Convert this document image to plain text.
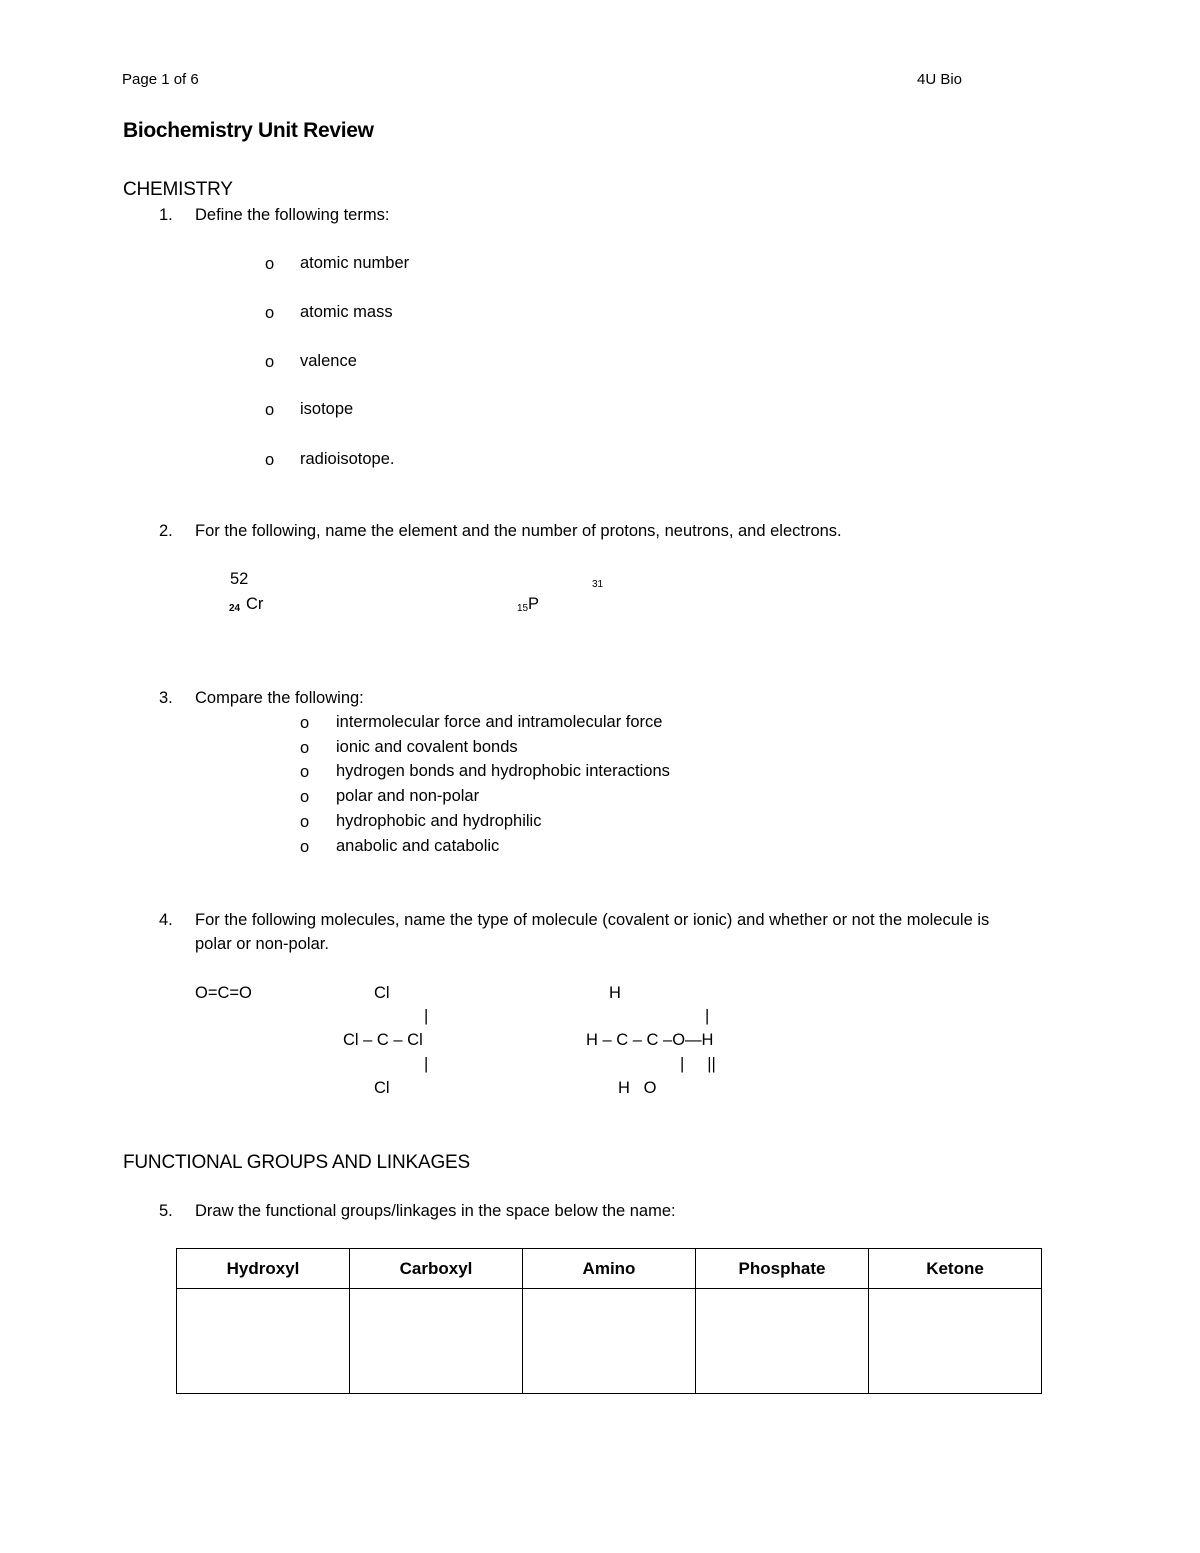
Page 1 of 6	4U Bio
Biochemistry Unit Review
CHEMISTRY
1. Define the following terms:
o atomic number
o atomic mass
o valence
o isotope
o radioisotope.
2. For the following, name the element and the number of protons, neutrons, and electrons.
52
24 Cr
31
15 P
3. Compare the following:
o intermolecular force and intramolecular force
o ionic and covalent bonds
o hydrogen bonds and hydrophobic interactions
o polar and non-polar
o hydrophobic and hydrophilic
o anabolic and catabolic
4. For the following molecules, name the type of molecule (covalent or ionic) and whether or not the molecule is
polar or non-polar.
O=C=O	Cl
|
Cl – C – Cl
|
Cl
H
|
H – C – C –O—H
|     ||
H   O
FUNCTIONAL GROUPS AND LINKAGES
5. Draw the functional groups/linkages in the space below the name:
Hydroxyl	Carboxyl	Amino	Phosphate	Ketone
